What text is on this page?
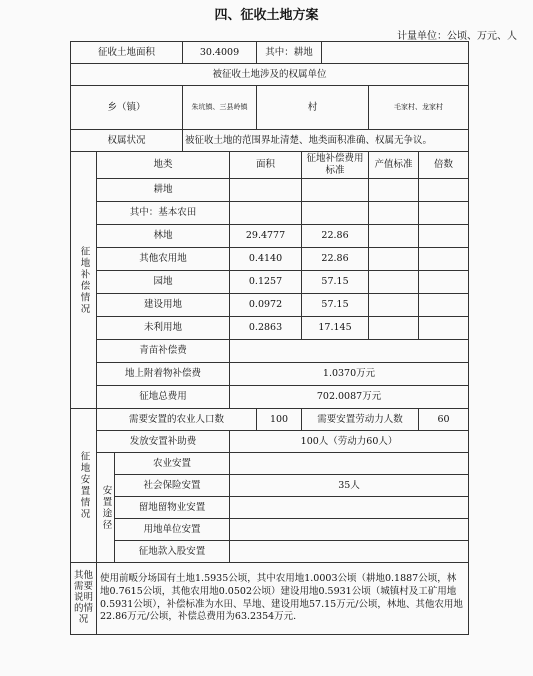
四、征收土地方案
计量单位：公顷、万元、人
征收土地面积			30.4009		其中：耕地				
被征收土地涉及的权属单位									
乡（镇）			朱坑镇、三县岭镇		村			毛家村、龙家村	
权属状况			被征收土地的范围界址清楚、地类面积准确、权属无争议。						
征地补偿情况	地类			面积		征地补偿费用标准		产值标准	倍数
	耕地								
	其中：基本农田								
	林地			29.4777		22.86			
	其他农用地			0.4140		22.86			
	园地			0.1257		57.15			
	建设用地			0.0972		57.15			
	未利用地			0.2863		17.145			
	青苗补偿费								
	地上附着物补偿费			1.0370万元					
	征地总费用			702.0087万元					
征地安置情况	需要安置的农业人口数				100	需要安置劳动力人数			60
	发放安置补助费			100人（劳动力60人）					
	安置途径	农业安置							
		社会保险安置		35人					
		留地留物业安置							
		用地单位安置							
		征地款入股安置							
其他需要说明的情况	使用前畈分场国有土地1.5935公顷，其中农用地1.0003公顷（耕地0.1887公顷，林地0.7615公顷，其他农用地0.0502公顷）建设用地0.5931公顷（城镇村及工矿用地0.5931公顷），补偿标准为水田、旱地、建设用地57.15万元/公顷，林地、其他农用地22.86万元/公顷，补偿总费用为63.2354万元.								
